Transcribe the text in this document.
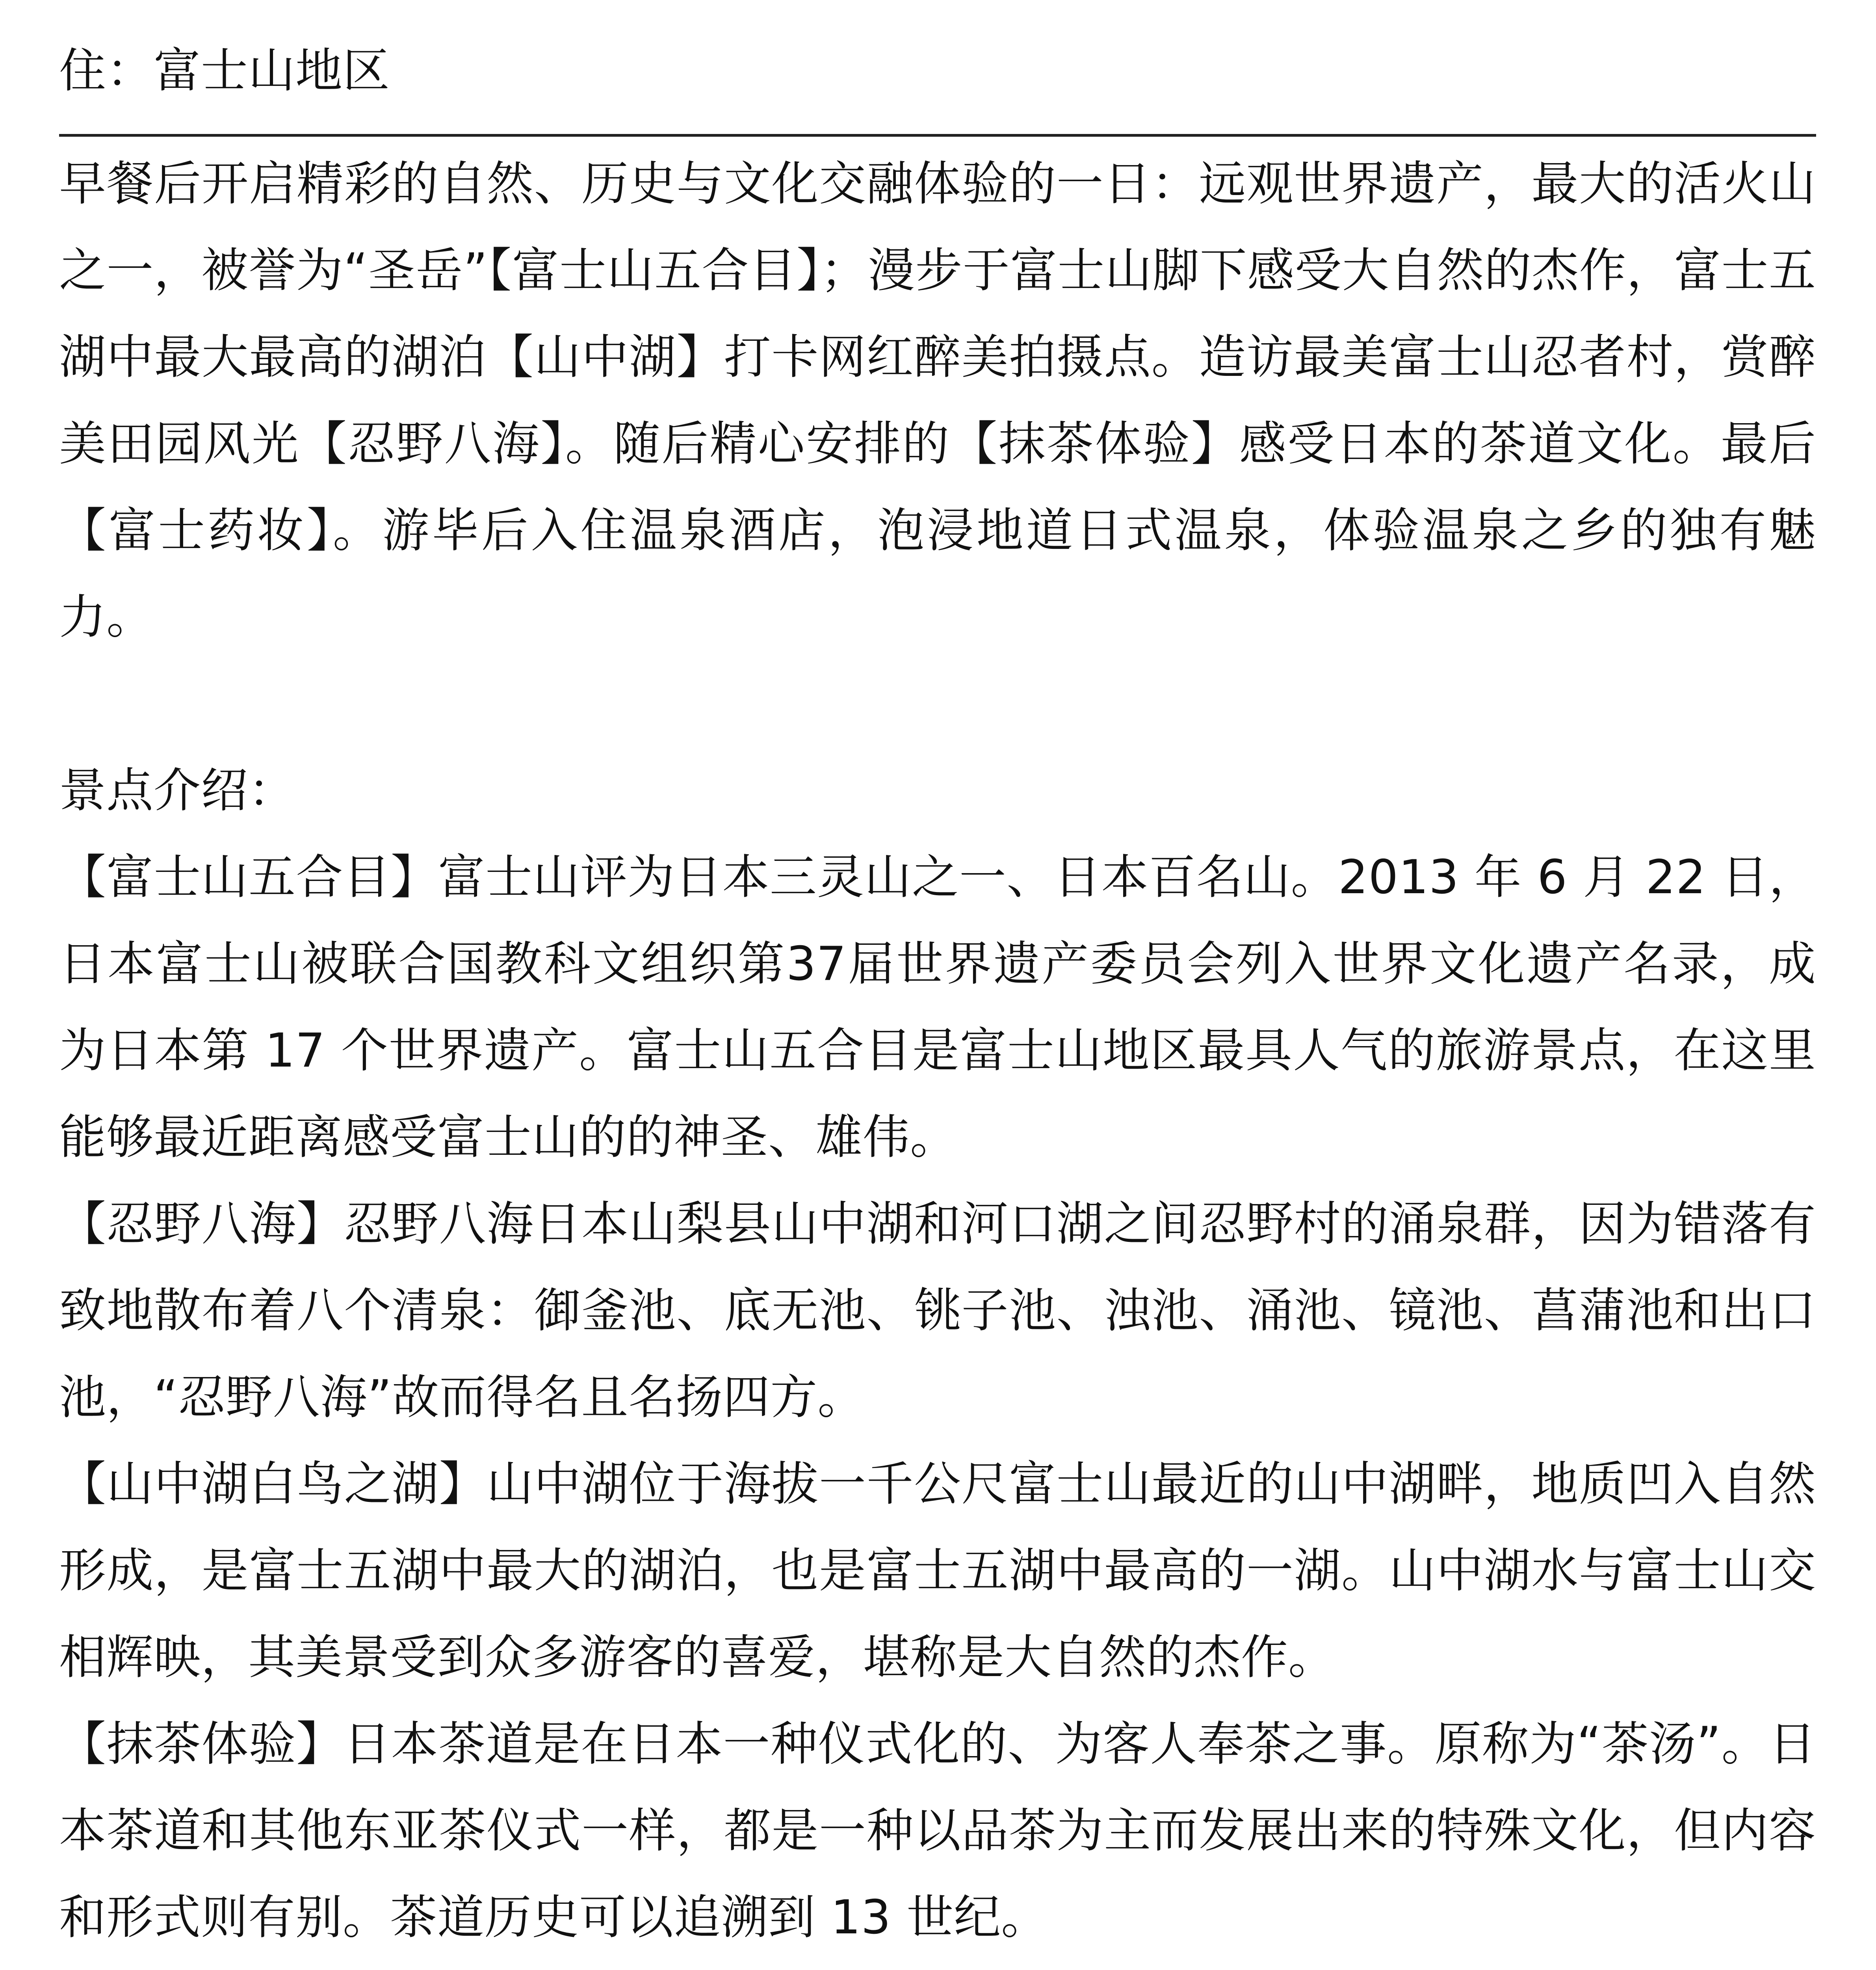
住：富士山地区

早餐后开启精彩的自然、历史与文化交融体验的一日：远观世界遗产，最大的活火山之一，被誉为“圣岳”【富士山五合目】；漫步于富士山脚下感受大自然的杰作，富士五湖中最大最高的湖泊【山中湖】打卡网红醉美拍摄点。造访最美富士山忍者村，赏醉美田园风光【忍野八海】。随后精心安排的【抹茶体验】感受日本的茶道文化。最后【富士药妆】。游毕后入住温泉酒店，泡浸地道日式温泉，体验温泉之乡的独有魅力。

景点介绍：

【富士山五合目】富士山评为日本三灵山之一、日本百名山。2013 年 6 月 22 日，日本富士山被联合国教科文组织第37届世界遗产委员会列入世界文化遗产名录，成为日本第 17 个世界遗产。富士山五合目是富士山地区最具人气的旅游景点，在这里能够最近距离感受富士山的的神圣、雄伟。

【忍野八海】忍野八海日本山梨县山中湖和河口湖之间忍野村的涌泉群，因为错落有致地散布着八个清泉：御釜池、底无池、铫子池、浊池、涌池、镜池、菖蒲池和出口池，“忍野八海”故而得名且名扬四方。

【山中湖白鸟之湖】山中湖位于海拔一千公尺富士山最近的山中湖畔，地质凹入自然形成，是富士五湖中最大的湖泊，也是富士五湖中最高的一湖。山中湖水与富士山交相辉映，其美景受到众多游客的喜爱，堪称是大自然的杰作。

【抹茶体验】日本茶道是在日本一种仪式化的、为客人奉茶之事。原称为“茶汤”。日本茶道和其他东亚茶仪式一样，都是一种以品茶为主而发展出来的特殊文化，但内容和形式则有别。茶道历史可以追溯到 13 世纪。
